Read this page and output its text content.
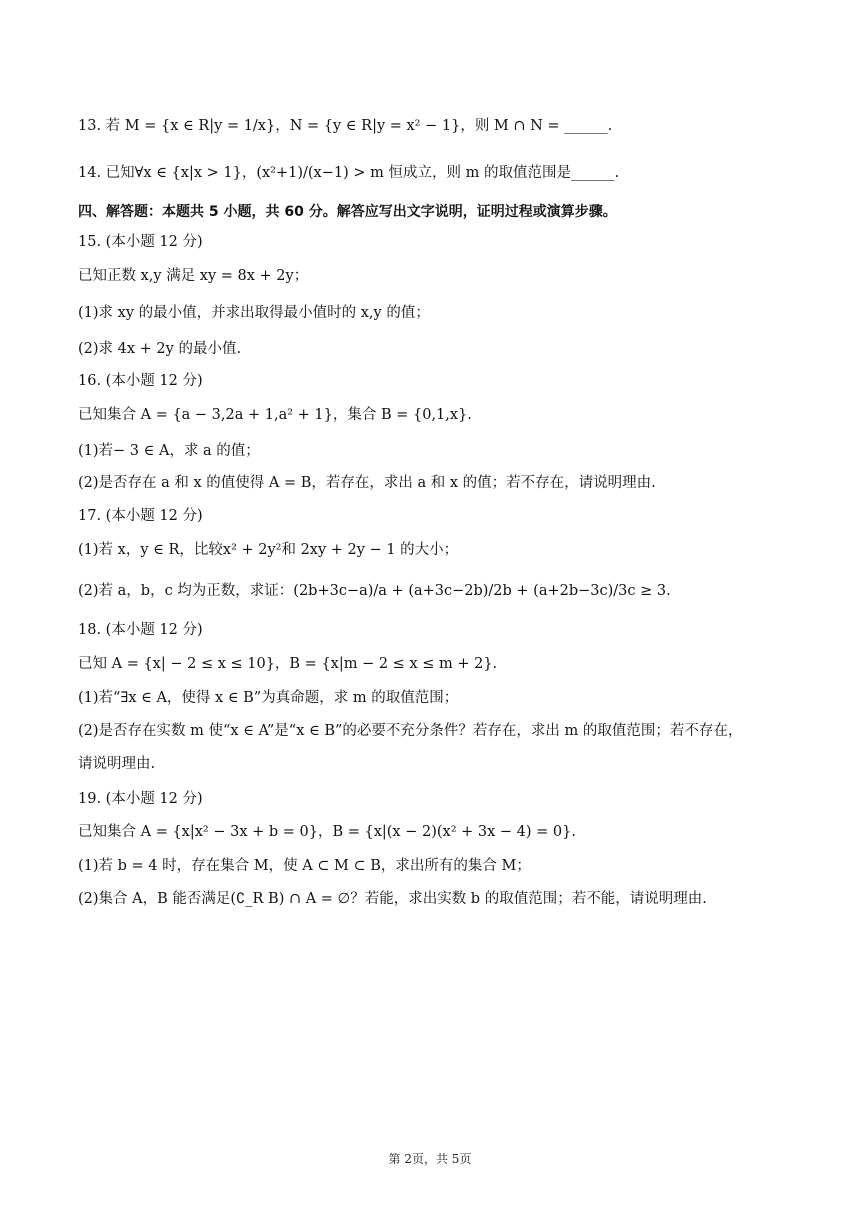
13. 若 M = {x ∈ R|y = 1/x}，N = {y ∈ R|y = x² − 1}，则 M ∩ N = ______.
14. 已知∀x ∈ {x|x > 1}，(x²+1)/(x−1) > m 恒成立，则 m 的取值范围是______.
四、解答题：本题共 5 小题，共 60 分。解答应写出文字说明，证明过程或演算步骤。
15. (本小题 12 分)
已知正数 x,y 满足 xy = 8x + 2y；
(1)求 xy 的最小值，并求出取得最小值时的 x,y 的值；
(2)求 4x + 2y 的最小值.
16. (本小题 12 分)
已知集合 A = {a − 3,2a + 1,a² + 1}，集合 B = {0,1,x}.
(1)若− 3 ∈ A，求 a 的值；
(2)是否存在 a 和 x 的值使得 A = B，若存在，求出 a 和 x 的值；若不存在，请说明理由.
17. (本小题 12 分)
(1)若 x，y ∈ R，比较x² + 2y²和 2xy + 2y − 1 的大小；
(2)若 a，b，c 均为正数，求证：(2b+3c−a)/a + (a+3c−2b)/2b + (a+2b−3c)/3c ≥ 3.
18. (本小题 12 分)
已知 A = {x| − 2 ≤ x ≤ 10}，B = {x|m − 2 ≤ x ≤ m + 2}.
(1)若“∃x ∈ A，使得 x ∈ B”为真命题，求 m 的取值范围；
(2)是否存在实数 m 使“x ∈ A”是“x ∈ B”的必要不充分条件？若存在，求出 m 的取值范围；若不存在，
请说明理由.
19. (本小题 12 分)
已知集合 A = {x|x² − 3x + b = 0}，B = {x|(x − 2)(x² + 3x − 4) = 0}.
(1)若 b = 4 时，存在集合 M，使 A ⊂ M ⊂ B，求出所有的集合 M；
(2)集合 A，B 能否满足(∁_R B) ∩ A = ∅？若能，求出实数 b 的取值范围；若不能，请说明理由.
第 2页，共 5页
